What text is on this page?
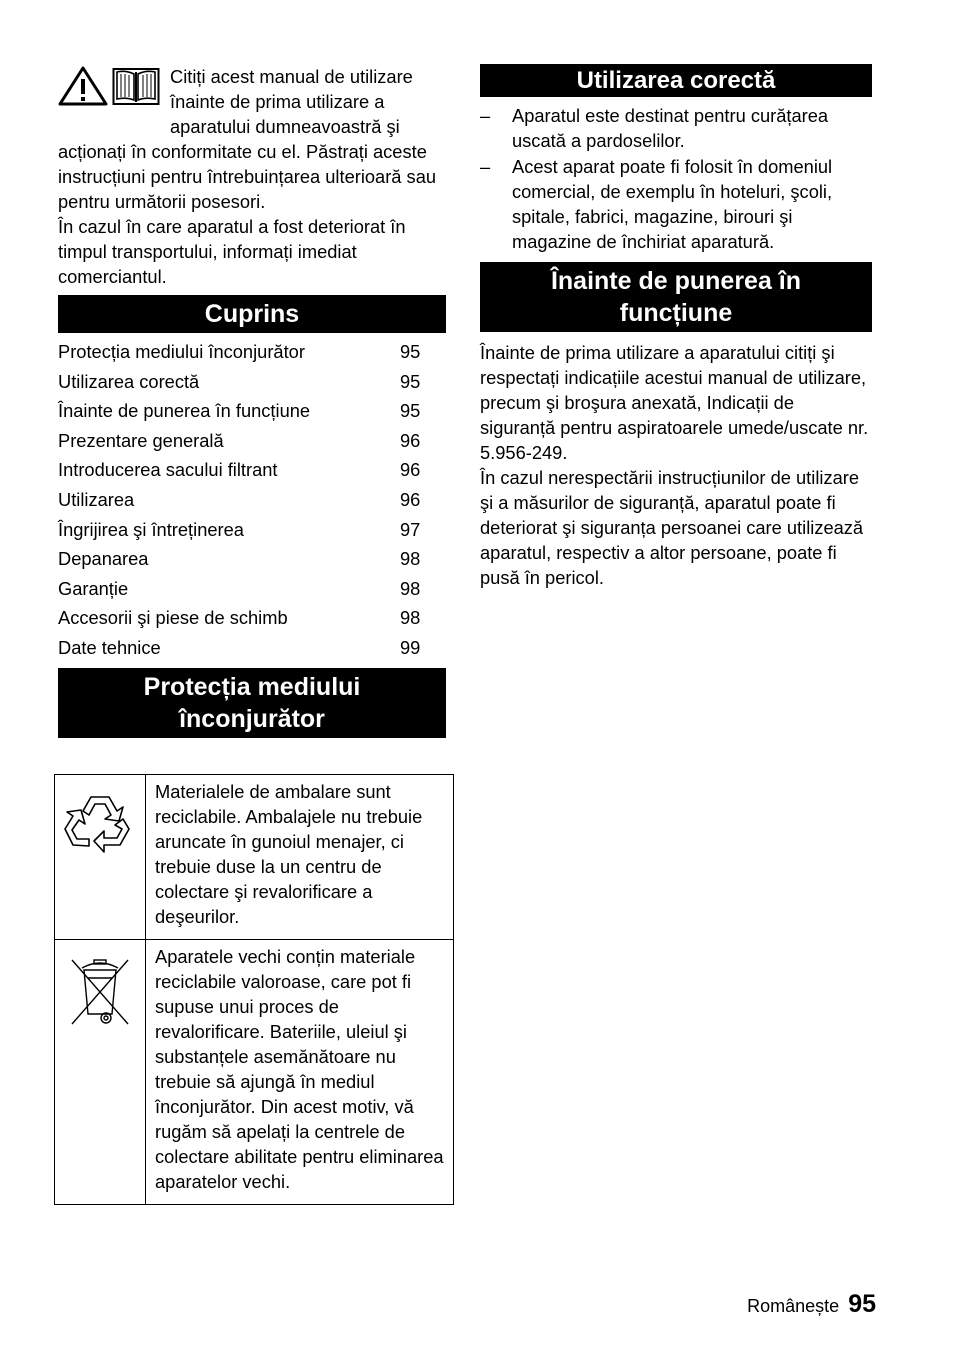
Citiți acest manual de utilizare înainte de prima utilizare a aparatului dumneavoastră şi acționați în conformitate cu el. Păstrați aceste instrucțiuni pentru întrebuințarea ulterioară sau pentru următorii posesori.

În cazul în care aparatul a fost deteriorat în timpul transportului, informați imediat comerciantul.

Cuprins
Protecția mediului înconjurător	95
Utilizarea corectă	95
Înainte de punerea în funcțiune	95
Prezentare generală	96
Introducerea sacului filtrant	96
Utilizarea	96
Îngrijirea şi întreținerea	97
Depanarea	98
Garanție	98
Accesorii şi piese de schimb	98
Date tehnice	99
Protecția mediului
înconjurător
	Materialele de ambalare sunt reciclabile. Ambalajele nu trebuie aruncate în gunoiul menajer, ci trebuie duse la un centru de colectare şi revalorificare a deşeurilor.
	Aparatele vechi conțin materiale reciclabile valoroase, care pot fi supuse unui proces de revalorificare. Bateriile, uleiul şi substanțele asemănătoare nu trebuie să ajungă în mediul înconjurător. Din acest motiv, vă rugăm să apelați la centrele de colectare abilitate pentru eliminarea aparatelor vechi.
Utilizarea corectă
–	Aparatul este destinat pentru curățarea uscată a pardoselilor.
–	Acest aparat poate fi folosit în domeniul comercial, de exemplu în hoteluri, şcoli, spitale, fabrici, magazine, birouri şi magazine de închiriat aparatură.
Înainte de punerea în
funcțiune

Înainte de prima utilizare a aparatului citiți şi respectați indicațiile acestui manual de utilizare, precum şi broşura anexată, Indicații de siguranță pentru aspiratoarele umede/uscate nr. 5.956-249.

În cazul nerespectării instrucțiunilor de utilizare şi a măsurilor de siguranță, aparatul poate fi deteriorat şi siguranța persoanei care utilizează aparatul, respectiv a altor persoane, poate fi pusă în pericol.

Românește 95
